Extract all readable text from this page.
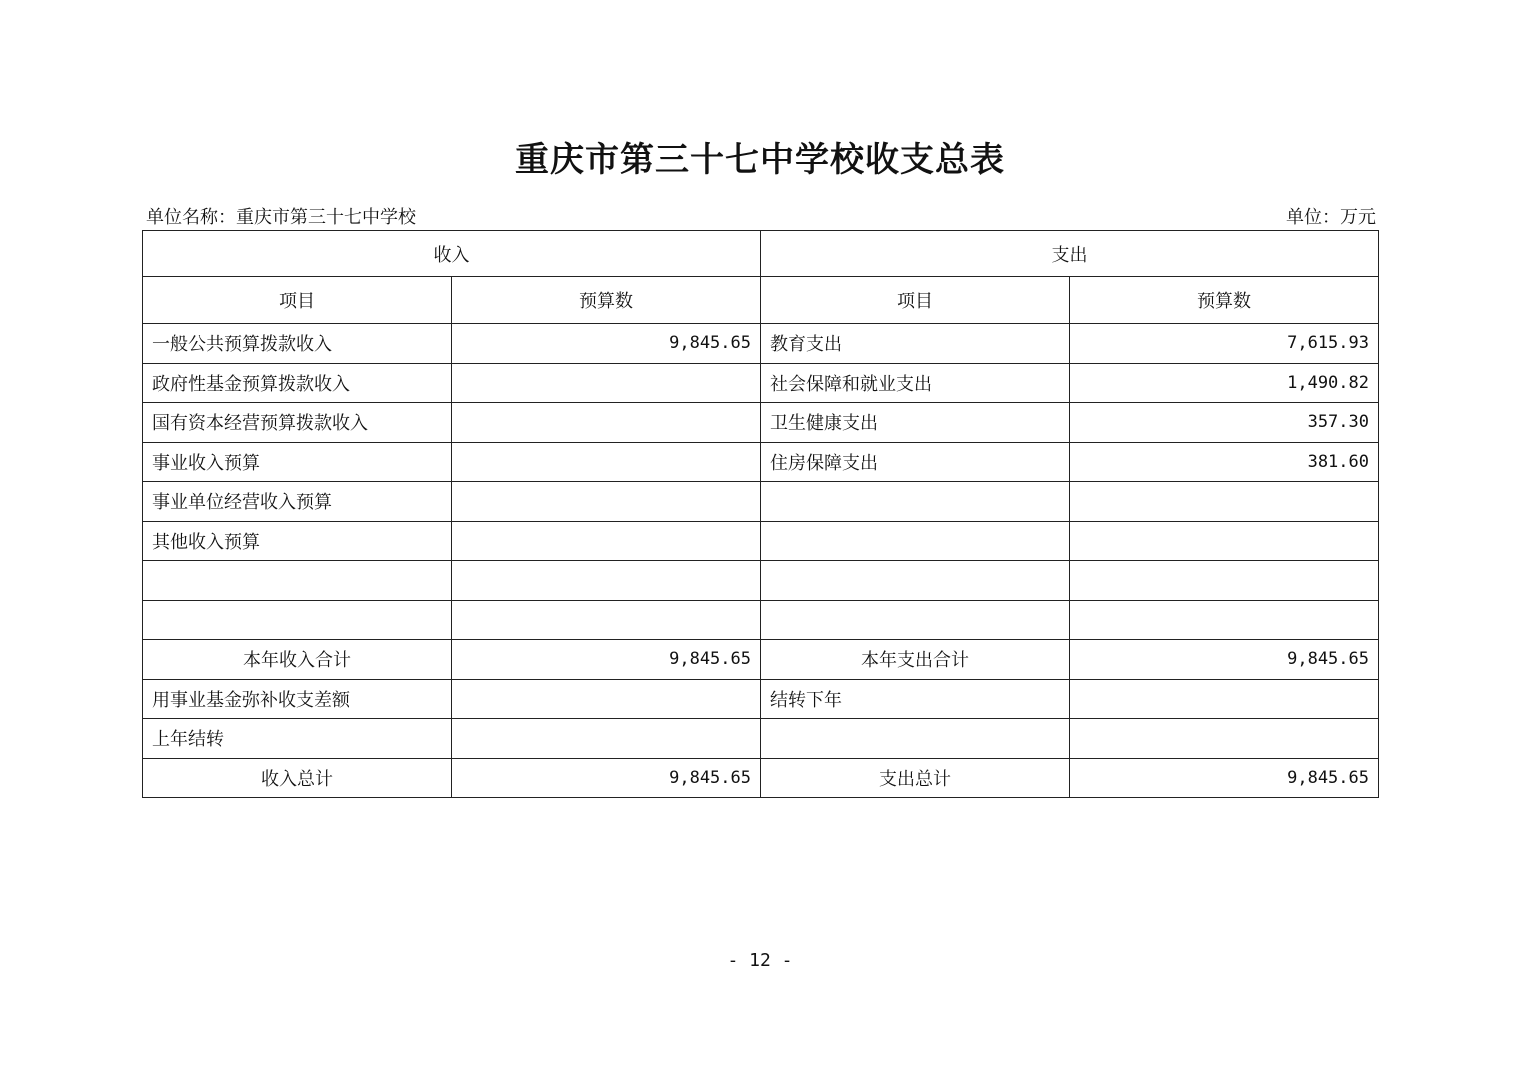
重庆市第三十七中学校收支总表
单位名称：重庆市第三十七中学校	单位：万元
收入		支出	
项目	预算数	项目	预算数
一般公共预算拨款收入	9,845.65	教育支出	7,615.93
政府性基金预算拨款收入		社会保障和就业支出	1,490.82
国有资本经营预算拨款收入		卫生健康支出	357.30
事业收入预算		住房保障支出	381.60
事业单位经营收入预算			
其他收入预算			

本年收入合计	9,845.65	本年支出合计	9,845.65
用事业基金弥补收支差额		结转下年	
上年结转			
收入总计	9,845.65	支出总计	9,845.65
- 12 -
